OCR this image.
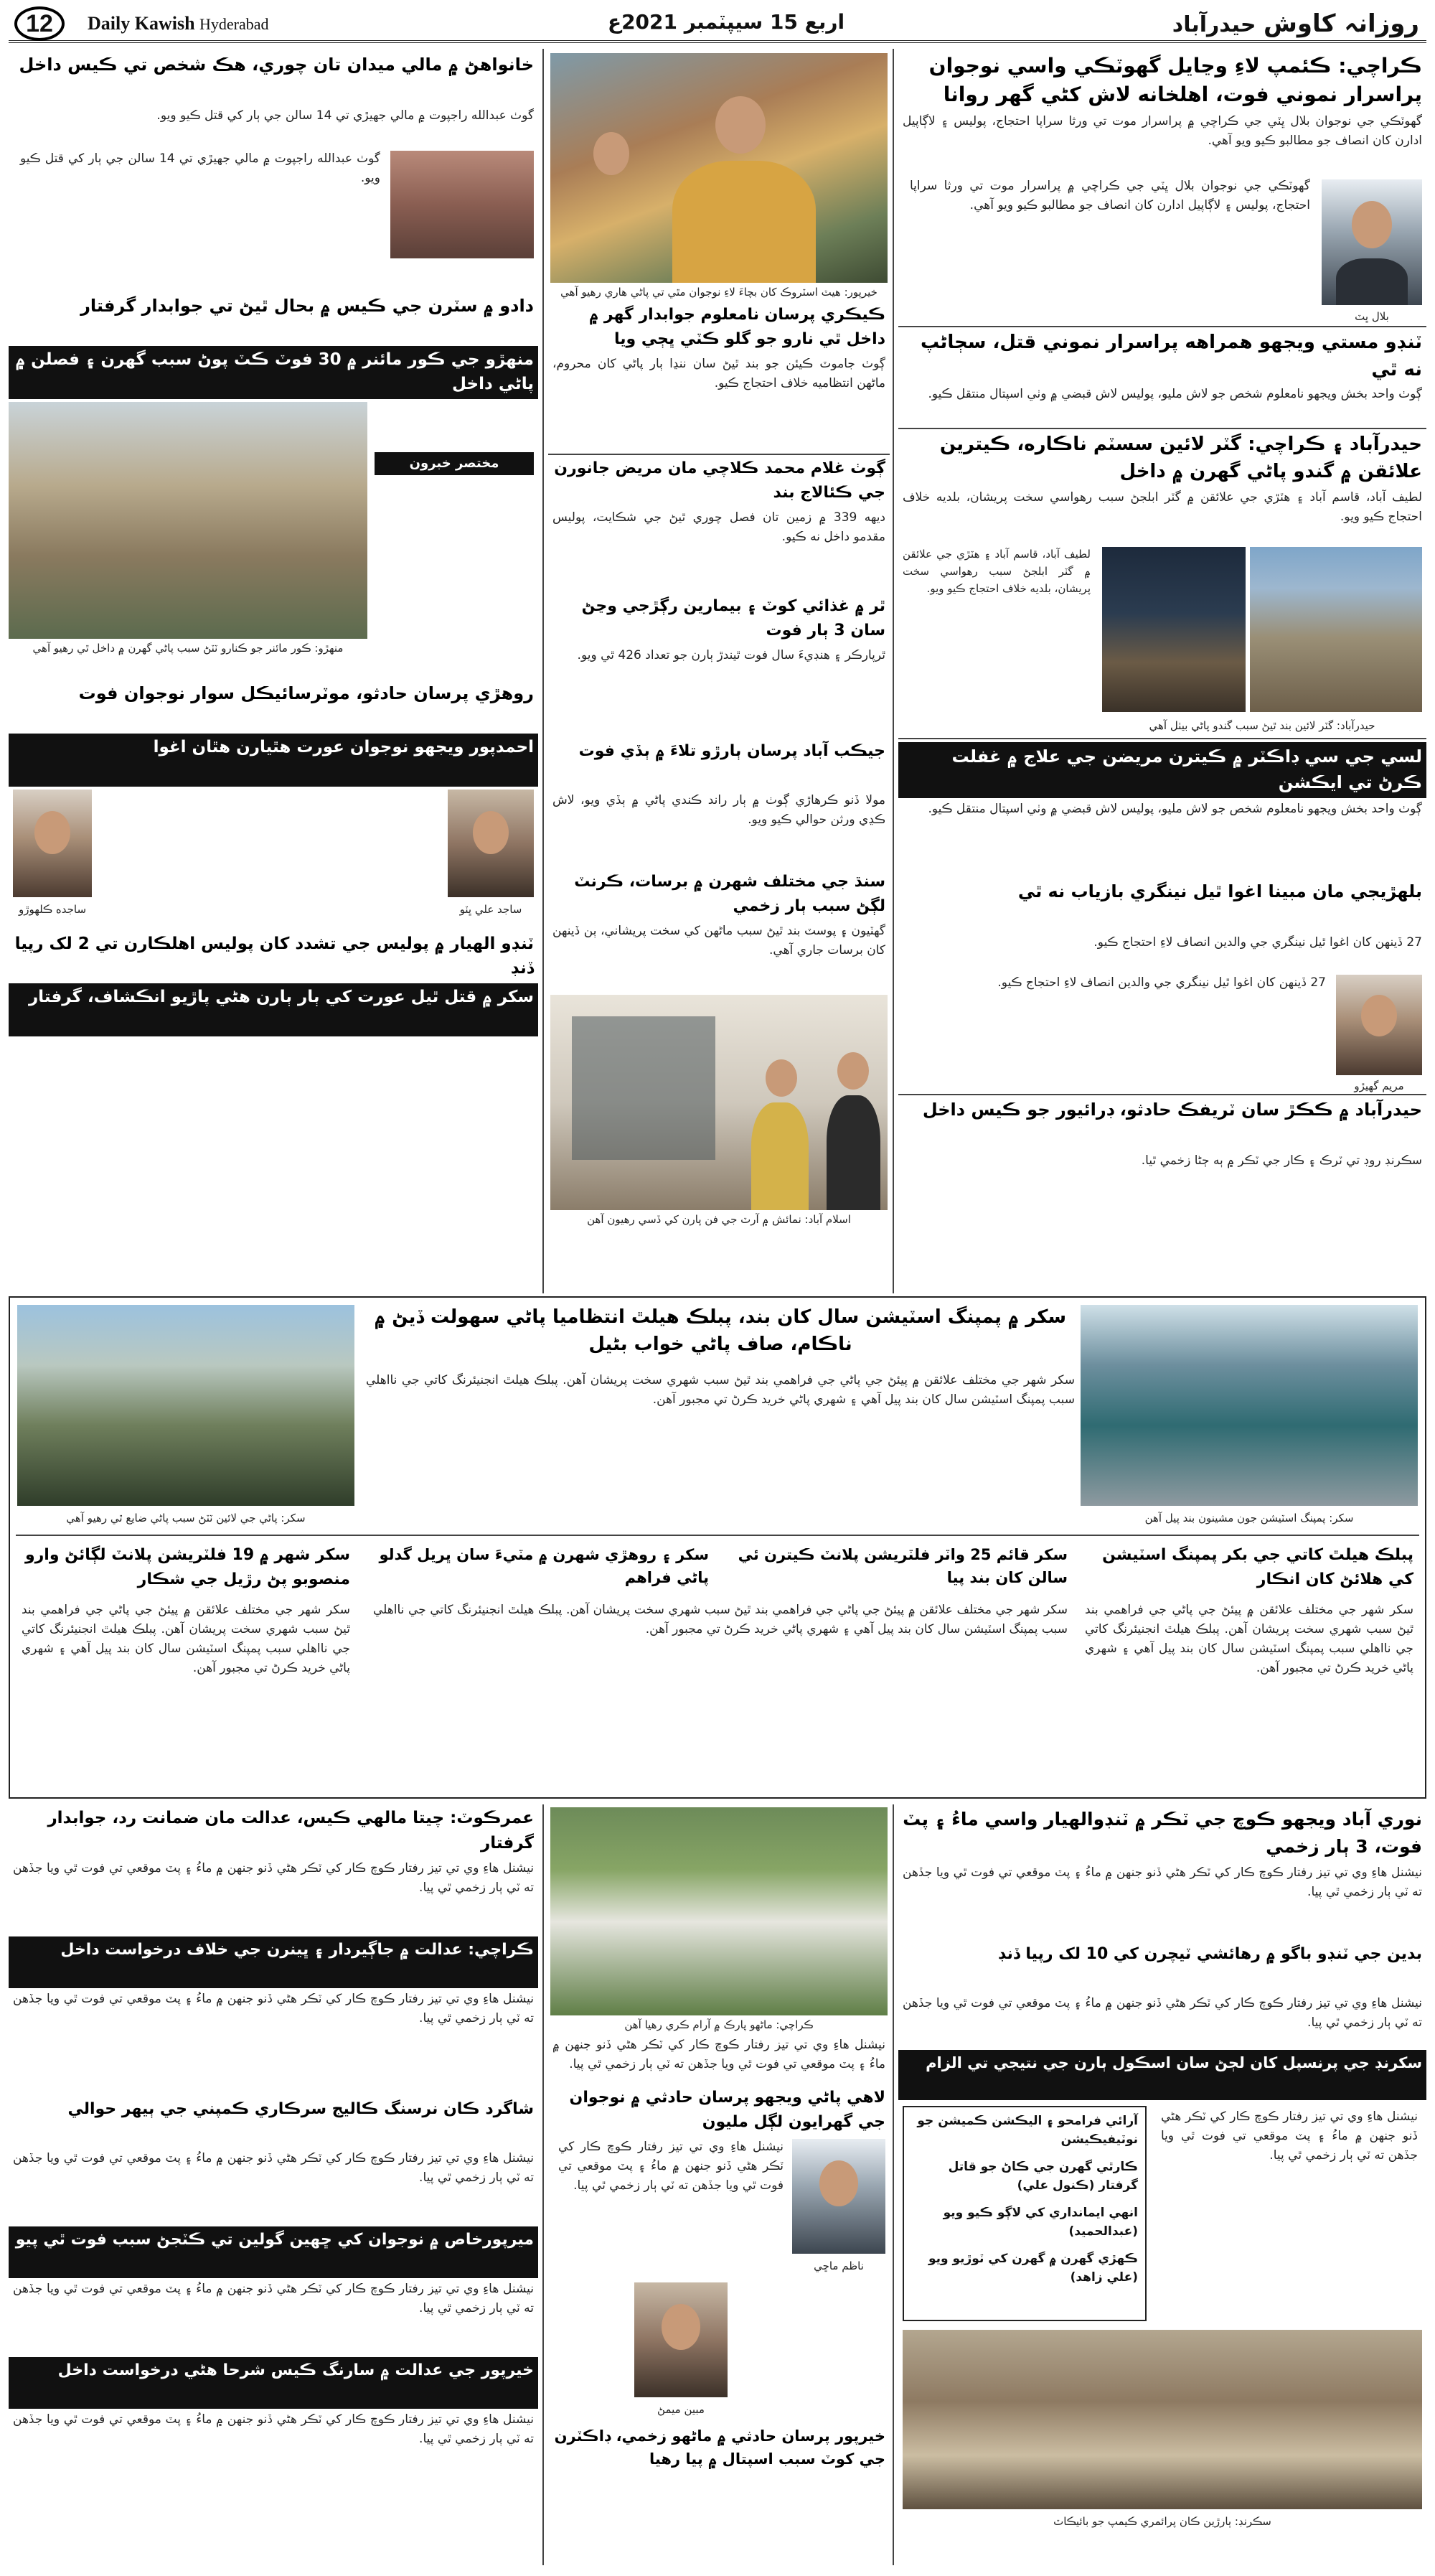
روزانہ کاوش حيدرآباد
اربع 15 سيپٽمبر 2021ع
Daily Kawish Hyderabad
12
ڪراچي: ڪئمپ لاءِ وڃايل گهوٽڪي واسي نوجوان پراسرار نموني فوت، اهلخانه لاش کڻي گهر روانا
گهوٽڪي جي نوجوان بلال ڀٽي جي ڪراچي ۾ پراسرار موت تي ورثا سراپا احتجاج، پوليس ۽ لاڳاپيل ادارن کان انصاف جو مطالبو ڪيو ويو آهي.
بلال ڀٽ
گهوٽڪي جي نوجوان بلال ڀٽي جي ڪراچي ۾ پراسرار موت تي ورثا سراپا احتجاج، پوليس ۽ لاڳاپيل ادارن کان انصاف جو مطالبو ڪيو ويو آهي.
ٽنڊو مستي ويجهو همراهه پراسرار نموني قتل، سڄاڻپ نه ٿي
ڳوٺ واحد بخش ويجهو نامعلوم شخص جو لاش مليو، پوليس لاش قبضي ۾ وٺي اسپتال منتقل ڪيو.
حيدرآباد ۽ ڪراچي: گٽر لائين سسٽم ناڪاره، ڪيترين علائقن ۾ گندو پاڻي گهرن ۾ داخل
لطيف آباد، قاسم آباد ۽ هٽڙي جي علائقن ۾ گٽر ابلجڻ سبب رهواسي سخت پريشان، بلديه خلاف احتجاج ڪيو ويو.
لطيف آباد، قاسم آباد ۽ هٽڙي جي علائقن ۾ گٽر ابلجڻ سبب رهواسي سخت پريشان، بلديه خلاف احتجاج ڪيو ويو.
حيدرآباد: گٽر لائين بند ٿيڻ سبب گندو پاڻي بيٺل آهي
لسي جي سي ڊاڪٽر ۾ ڪيترن مريضن جي علاج ۾ غفلت ڪرڻ تي ايڪشن
ڳوٺ واحد بخش ويجهو نامعلوم شخص جو لاش مليو، پوليس لاش قبضي ۾ وٺي اسپتال منتقل ڪيو.
بلهڙيجي مان مبينا اغوا ٿيل نينگري بازياب نه ٿي
27 ڏينهن کان اغوا ٿيل نينگري جي والدين انصاف لاءِ احتجاج ڪيو.
مريم گهيڙو
27 ڏينهن کان اغوا ٿيل نينگري جي والدين انصاف لاءِ احتجاج ڪيو.
حيدرآباد ۾ ڪڪڙ سان ٽريفڪ حادثو، ڊرائيور جو ڪيس داخل
سڪرنڊ روڊ تي ٽرڪ ۽ ڪار جي ٽڪر ۾ ٻه ڄڻا زخمي ٿيا.
خيرپور: هيٽ اسٽروڪ کان بچاءَ لاءِ نوجوان مٿي تي پاڻي هاري رهيو آهي
ڪيڪري پرسان نامعلوم جوابدار گهر ۾ داخل ٿي نارو جو گلو ڪٽي ڀڄي ويا
ڳوٺ جاموٽ ڪيئن جو بند ٿيڻ سان ننڍا ٻار پاڻي کان محروم، ماڻهن انتظاميه خلاف احتجاج ڪيو.
ڳوٺ غلام محمد ڪلاچي مان مريض جانورن جي ڪئالاج بند
ديهه 339 ۾ زمين تان فصل چوري ٿيڻ جي شڪايت، پوليس مقدمو داخل نه ڪيو.
ٿر ۾ غذائي کوٽ ۽ بيمارين رڳڙجي وڃڻ سان 3 ٻار فوت
ٿرپارڪر ۽ هنڊيءَ سال فوت ٿيندڙ ٻارن جو تعداد 426 ٿي ويو.
جيڪب آباد پرسان ٻارڙو تلاءَ ۾ ٻڏي فوت
مولا ڏنو ڪرهاڙي ڳوٺ ۾ ٻار راند ڪندي پاڻي ۾ ٻڏي ويو، لاش ڪڍي ورثن حوالي ڪيو ويو.
سنڌ جي مختلف شهرن ۾ برسات، ڪرنٽ لڳڻ سبب ٻار زخمي
گهٽيون ۽ پوسٽ بند ٿيڻ سبب ماڻهن کي سخت پريشاني، ٻن ڏينهن کان برسات جاري آهي.
اسلام آباد: نمائش ۾ آرٽ جي فن پارن کي ڏسي رهيون آهن
خانواهڻ ۾ مالي ميدان تان چوري، هڪ شخص تي ڪيس داخل
گوٺ عبدالله راجپوت ۾ مالي جهيڙي تي 14 سالن جي ٻار کي قتل ڪيو ويو.
گوٺ عبدالله راجپوت ۾ مالي جهيڙي تي 14 سالن جي ٻار کي قتل ڪيو ويو.
دادو ۾ سٽرن جي ڪيس ۾ بحال ٿيڻ تي جوابدار گرفتار
منهڙو جي ڪور مائنر ۾ 30 فوٽ ڪٽ پوڻ سبب گهرن ۽ فصلن ۾ پاڻي داخل
منهڙو: ڪور مائنر جو ڪنارو ٽٽڻ سبب پاڻي گهرن ۾ داخل ٿي رهيو آهي
مختصر خبرون
روهڙي پرسان حادثو، موٽرسائيڪل سوار نوجوان فوت
احمدپور ويجهو نوجوان عورت هٿيارن هٿان اغوا
ساجده ڪلهوڙو	ساجد علي ڀٽو
ٽنڊو الهيار ۾ پوليس جي تشدد کان پوليس اهلڪارن تي 2 لک رپيا ڏنڊ
سکر ۾ قتل ٿيل عورت کي ٻار ٻارن هڻي پاڙيو انڪشاف، گرفتار
سکر ۾ پمپنگ اسٽيشن سال کان بند، پبلڪ هيلٿ انتظاميا پاڻي سهولت ڏيڻ ۾ ناڪام، صاف پاڻي خواب بڻيل
سکر: پمپنگ اسٽيشن جون مشينون بند پيل آهن
سکر: پاڻي جي لائين ٽٽڻ سبب پاڻي ضايع ٿي رهيو آهي
سکر شهر جي مختلف علائقن ۾ پيئڻ جي پاڻي جي فراهمي بند ٿيڻ سبب شهري سخت پريشان آهن. پبلڪ هيلٿ انجنيئرنگ کاتي جي نااهلي سبب پمپنگ اسٽيشن سال کان بند پيل آهي ۽ شهري پاڻي خريد ڪرڻ تي مجبور آهن.
پبلڪ هيلٿ کاتي جي بکر پمپنگ اسٽيشن کي هلائڻ کان انڪار
سکر شهر جي مختلف علائقن ۾ پيئڻ جي پاڻي جي فراهمي بند ٿيڻ سبب شهري سخت پريشان آهن. پبلڪ هيلٿ انجنيئرنگ کاتي جي نااهلي سبب پمپنگ اسٽيشن سال کان بند پيل آهي ۽ شهري پاڻي خريد ڪرڻ تي مجبور آهن.
سکر شهر ۾ 19 فلٽريشن پلانٽ لڳائڻ وارو منصوبو پڻ رڙيل جي شڪار
سکر شهر جي مختلف علائقن ۾ پيئڻ جي پاڻي جي فراهمي بند ٿيڻ سبب شهري سخت پريشان آهن. پبلڪ هيلٿ انجنيئرنگ کاتي جي نااهلي سبب پمپنگ اسٽيشن سال کان بند پيل آهي ۽ شهري پاڻي خريد ڪرڻ تي مجبور آهن.
سکر ۽ روهڙي شهرن ۾ مٽيءَ سان ڀريل گدلو پاڻي فراهم
سکر قائم 25 واٽر فلٽريشن پلانٽ ڪيترن ئي سالن کان بند پيا
سکر شهر جي مختلف علائقن ۾ پيئڻ جي پاڻي جي فراهمي بند ٿيڻ سبب شهري سخت پريشان آهن. پبلڪ هيلٿ انجنيئرنگ کاتي جي نااهلي سبب پمپنگ اسٽيشن سال کان بند پيل آهي ۽ شهري پاڻي خريد ڪرڻ تي مجبور آهن.
نوري آباد ويجهو ڪوچ جي ٽڪر ۾ ٽنڊوالهيار واسي ماءُ ۽ پٽ فوت، 3 ٻار زخمي
نيشنل هاءِ وي تي تيز رفتار ڪوچ ڪار کي ٽڪر هڻي ڏنو جنهن ۾ ماءُ ۽ پٽ موقعي تي فوت ٿي ويا جڏهن ته ٽي ٻار زخمي ٿي پيا.
بدين جي ٽنڊو باگو ۾ رهائشي ٽيچرن کي 10 لک رپيا ڏنڊ
نيشنل هاءِ وي تي تيز رفتار ڪوچ ڪار کي ٽڪر هڻي ڏنو جنهن ۾ ماءُ ۽ پٽ موقعي تي فوت ٿي ويا جڏهن ته ٽي ٻار زخمي ٿي پيا.
سکرنڊ جي پرنسپل کان لڄڻ سان اسڪول ٻارن جي نتيجي تي الزام
آرائي فرامحو ۽ اليڪشن ڪميشن جو نوٽيفيڪيشن
ڪارٿي گهرن جي ڪاڻ جو قاتل گرفتار (ڪنول علي)
انهي ايمانداري کي لاڳو ڪيو ويو (عبدالحميد)
ڪهڙي گهرن ۾ گهرن کي ٽوڙيو ويو (علي زاهد)
نيشنل هاءِ وي تي تيز رفتار ڪوچ ڪار کي ٽڪر هڻي ڏنو جنهن ۾ ماءُ ۽ پٽ موقعي تي فوت ٿي ويا جڏهن ته ٽي ٻار زخمي ٿي پيا.
سڪرنڊ: ٻارڙين ڪان پرائمري ڪيمپ جو بائيڪاٽ
ڪراچي: ماڻهو پارڪ ۾ آرام ڪري رهيا آهن
نيشنل هاءِ وي تي تيز رفتار ڪوچ ڪار کي ٽڪر هڻي ڏنو جنهن ۾ ماءُ ۽ پٽ موقعي تي فوت ٿي ويا جڏهن ته ٽي ٻار زخمي ٿي پيا.
لاهي پاڻي ويجهو پرسان حادثي ۾ نوجوان جي گهرايون لڳل مليون
ناظم ماڇي
نيشنل هاءِ وي تي تيز رفتار ڪوچ ڪار کي ٽڪر هڻي ڏنو جنهن ۾ ماءُ ۽ پٽ موقعي تي فوت ٿي ويا جڏهن ته ٽي ٻار زخمي ٿي پيا.
مبين ميمڻ
خيرپور پرسان حادثي ۾ ماڻهو زخمي، ڊاڪٽرن جي کوٽ سبب اسپتال ۾ پيا رهيا
عمرڪوٽ: چيتا مالهي ڪيس، عدالت مان ضمانت رد، جوابدار گرفتار
نيشنل هاءِ وي تي تيز رفتار ڪوچ ڪار کي ٽڪر هڻي ڏنو جنهن ۾ ماءُ ۽ پٽ موقعي تي فوت ٿي ويا جڏهن ته ٽي ٻار زخمي ٿي پيا.
ڪراچي: عدالت ۾ جاڳيردار ۽ ڀينرن جي خلاف درخواست داخل
نيشنل هاءِ وي تي تيز رفتار ڪوچ ڪار کي ٽڪر هڻي ڏنو جنهن ۾ ماءُ ۽ پٽ موقعي تي فوت ٿي ويا جڏهن ته ٽي ٻار زخمي ٿي پيا.
شاگرد ڪان نرسنگ ڪاليج سرڪاري ڪمپني جي ٻيهر حوالي
نيشنل هاءِ وي تي تيز رفتار ڪوچ ڪار کي ٽڪر هڻي ڏنو جنهن ۾ ماءُ ۽ پٽ موقعي تي فوت ٿي ويا جڏهن ته ٽي ٻار زخمي ٿي پيا.
ميرپورخاص ۾ نوجوان کي ڇهين گولين تي ڪٽجڻ سبب فوت ٿي پيو
نيشنل هاءِ وي تي تيز رفتار ڪوچ ڪار کي ٽڪر هڻي ڏنو جنهن ۾ ماءُ ۽ پٽ موقعي تي فوت ٿي ويا جڏهن ته ٽي ٻار زخمي ٿي پيا.
خيرپور جي عدالت ۾ سارنگ ڪيس شرحا هڻي درخواست داخل
نيشنل هاءِ وي تي تيز رفتار ڪوچ ڪار کي ٽڪر هڻي ڏنو جنهن ۾ ماءُ ۽ پٽ موقعي تي فوت ٿي ويا جڏهن ته ٽي ٻار زخمي ٿي پيا.
